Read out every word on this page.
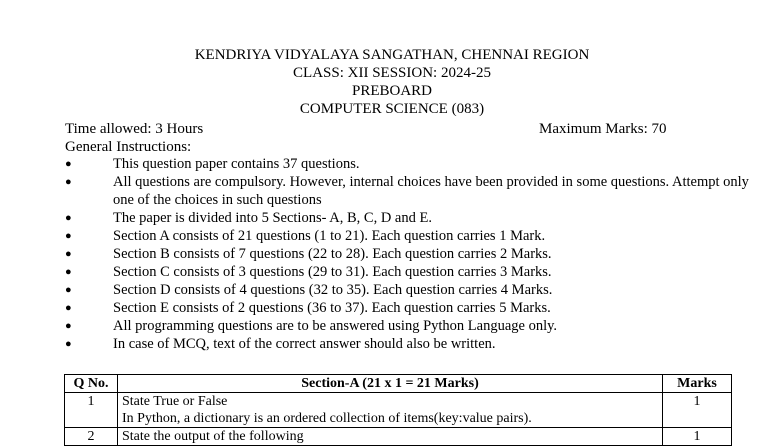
KENDRIYA VIDYALAYA SANGATHAN, CHENNAI REGION
CLASS: XII SESSION: 2024-25
PREBOARD
COMPUTER SCIENCE (083)
Time allowed: 3 Hours	Maximum Marks: 70
General Instructions:
●	This question paper contains 37 questions.
●	All questions are compulsory. However, internal choices have been provided in some questions. Attempt only one of the choices in such questions
●	The paper is divided into 5 Sections- A, B, C, D and E.
●	Section A consists of 21 questions (1 to 21). Each question carries 1 Mark.
●	Section B consists of 7 questions (22 to 28). Each question carries 2 Marks.
●	Section C consists of 3 questions (29 to 31). Each question carries 3 Marks.
●	Section D consists of 4 questions (32 to 35). Each question carries 4 Marks.
●	Section E consists of 2 questions (36 to 37). Each question carries 5 Marks.
●	All programming questions are to be answered using Python Language only.
●	In case of MCQ, text of the correct answer should also be written.
Q No.	Section-A (21 x 1 = 21 Marks)	Marks
1	State True or False
In Python, a dictionary is an ordered collection of items(key:value pairs).	1
2	State the output of the following	1
